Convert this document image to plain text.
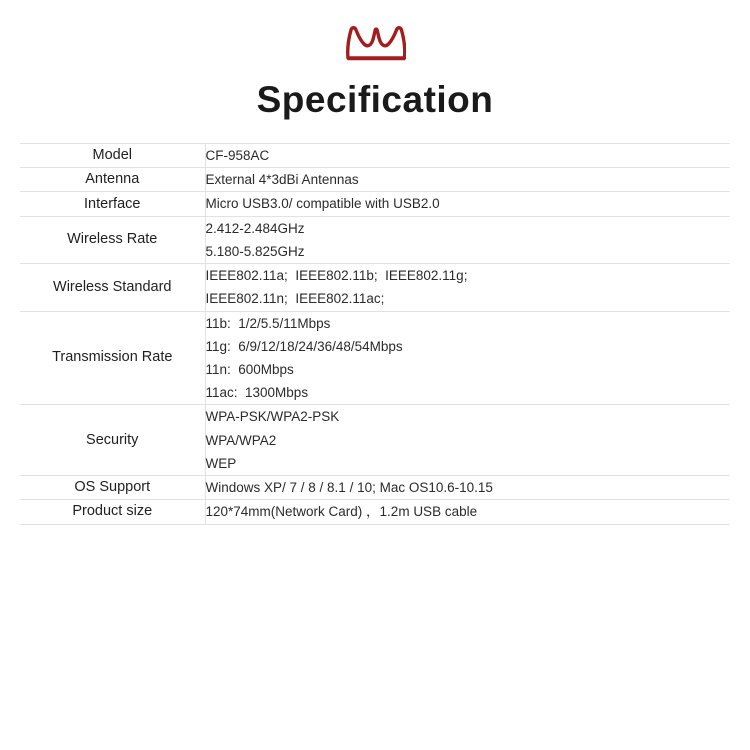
Specification
Model	CF-958AC

Antenna	External 4*3dBi Antennas

Interface	Micro USB3.0/ compatible with USB2.0

Wireless Rate	2.412-2.484GHz
5.180-5.825GHz

Wireless Standard	IEEE802.11a;  IEEE802.11b;  IEEE802.11g;
IEEE802.11n;  IEEE802.11ac;

Transmission Rate	11b:  1/2/5.5/11Mbps
11g:  6/9/12/18/24/36/48/54Mbps
11n:  600Mbps
11ac:  1300Mbps

Security	WPA-PSK/WPA2-PSK
WPA/WPA2
WEP

OS Support	Windows XP/ 7 / 8 / 8.1 / 10; Mac OS10.6-10.15

Product size	120*74mm(Network Card) ，1.2m USB cable
